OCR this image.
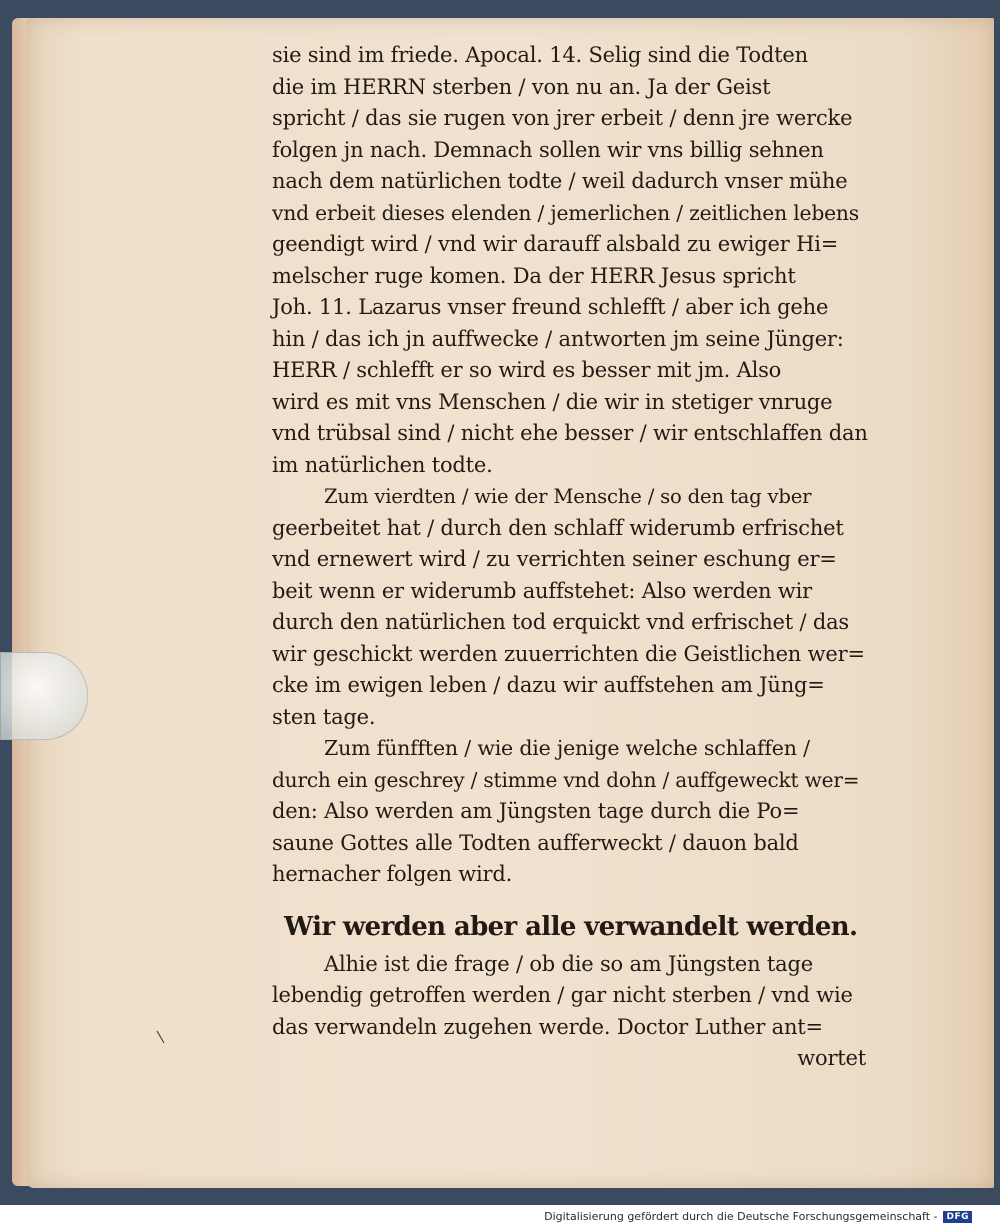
sie sind im friede. Apocal. 14. Selig sind die Todten
die im HERRN sterben / von nu an. Ja der Geist
spricht / das sie rugen von jrer erbeit / denn jre wercke
folgen jn nach. Demnach sollen wir vns billig sehnen
nach dem natürlichen todte / weil dadurch vnser mühe
vnd erbeit dieses elenden / jemerlichen / zeitlichen lebens
geendigt wird / vnd wir darauff alsbald zu ewiger Hi=
melscher ruge komen. Da der HERR Jesus spricht
Joh. 11. Lazarus vnser freund schlefft / aber ich gehe
hin / das ich jn auffwecke / antworten jm seine Jünger:
HERR / schlefft er so wird es besser mit jm. Also
wird es mit vns Menschen / die wir in stetiger vnruge
vnd trübsal sind / nicht ehe besser / wir entschlaffen dan
im natürlichen todte.
Zum vierdten / wie der Mensche / so den tag vber
geerbeitet hat / durch den schlaff widerumb erfrischet
vnd ernewert wird / zu verrichten seiner eschung er=
beit wenn er widerumb auffstehet: Also werden wir
durch den natürlichen tod erquickt vnd erfrischet / das
wir geschickt werden zuuerrichten die Geistlichen wer=
cke im ewigen leben / dazu wir auffstehen am Jüng=
sten tage.
Zum fünfften / wie die jenige welche schlaffen /
durch ein geschrey / stimme vnd dohn / auffgeweckt wer=
den: Also werden am Jüngsten tage durch die Po=
saune Gottes alle Todten aufferweckt / dauon bald
hernacher folgen wird.
Wir werden aber alle verwandelt werden.
Alhie ist die frage / ob die so am Jüngsten tage
lebendig getroffen werden / gar nicht sterben / vnd wie
das verwandeln zugehen werde. Doctor Luther ant=
wortet
Digitalisierung gefördert durch die Deutsche Forschungsgemeinschaft -	DFG
